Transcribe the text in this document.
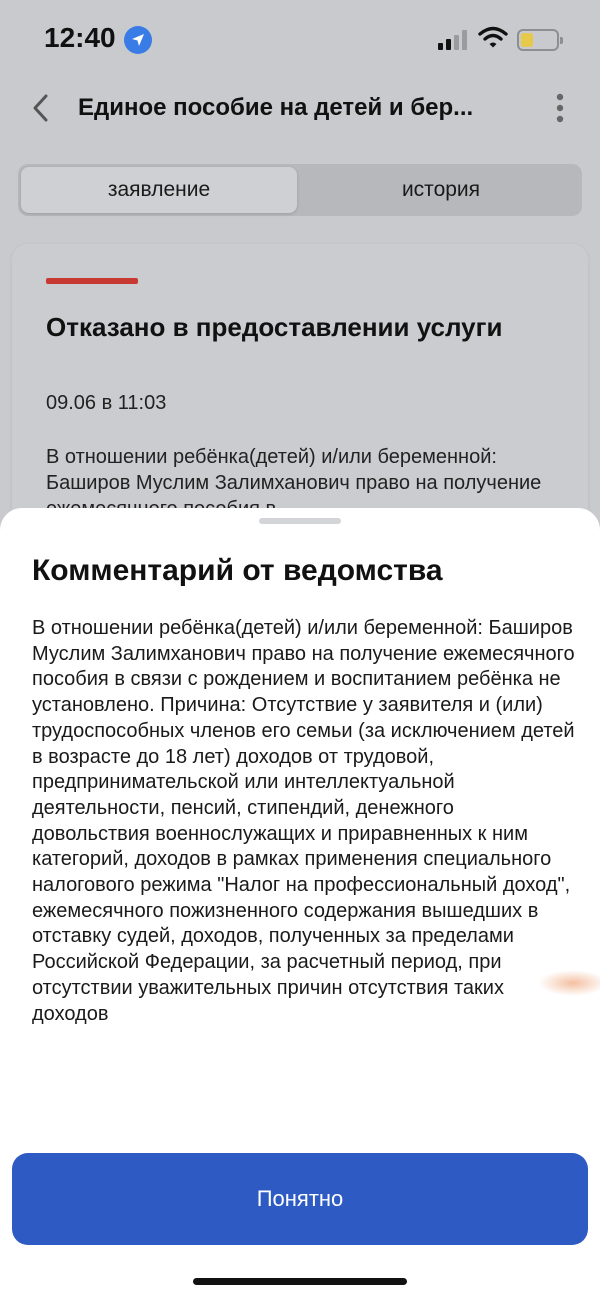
12:40
Единое пособие на детей и бер...
заявление	история
Отказано в предоставлении услуги
09.06 в 11:03
В отношении ребёнка(детей) и/или беременной: Баширов Муслим Залимханович право на получение
Комментарий от ведомства
В отношении ребёнка(детей) и/или беременной: Баширов Муслим Залимханович право на получение ежемесячного пособия в связи с рождением и воспитанием ребёнка не установлено. Причина: Отсутствие у заявителя и (или) трудоспособных членов его семьи (за исключением детей в возрасте до 18 лет) доходов от трудовой, предпринимательской или интеллектуальной деятельности, пенсий, стипендий, денежного довольствия военнослужащих и приравненных к ним категорий, доходов в рамках применения специального налогового режима "Налог на профессиональный доход", ежемесячного пожизненного содержания вышедших в отставку судей, доходов, полученных за пределами Российской Федерации, за расчетный период, при отсутствии уважительных причин отсутствия таких доходов
Понятно
